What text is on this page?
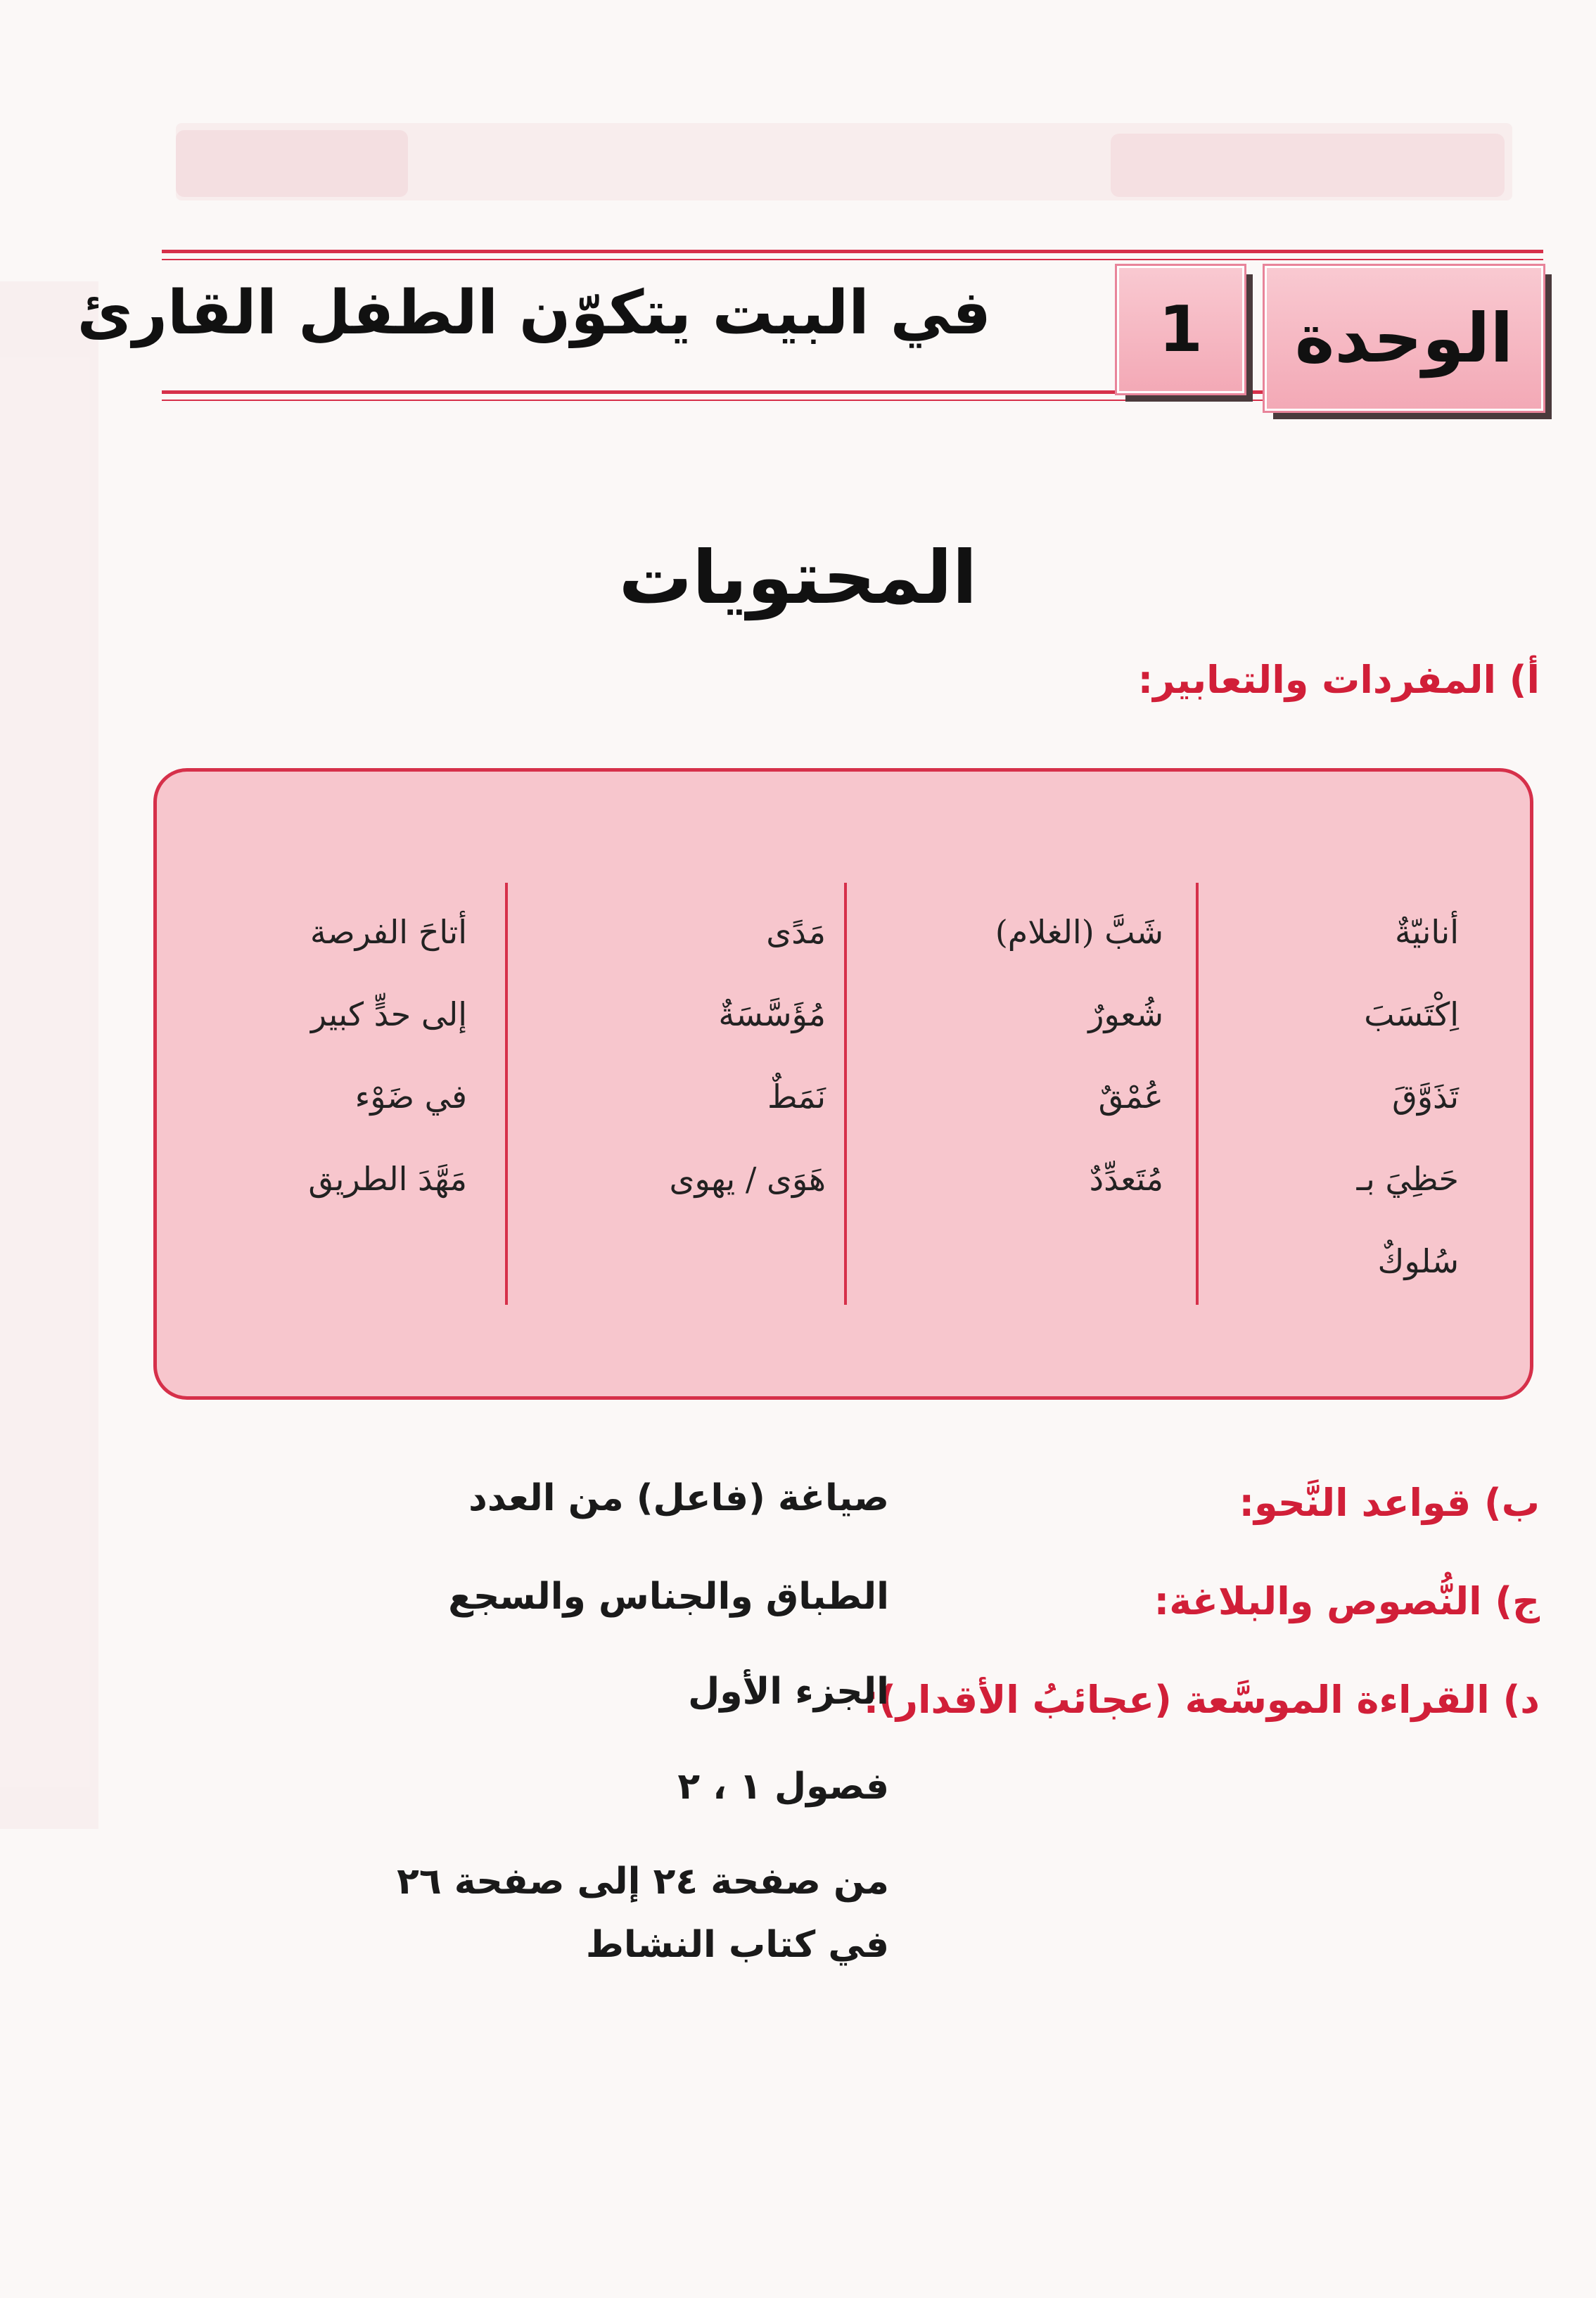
الوحدة
1
في البيت يتكوّن الطفل القارئ
المحتويات
أ) المفردات والتعابير:
أنانيّةٌ
اِكْتَسَبَ
تَذَوَّقَ
حَظِيَ بـ
سُلوكٌ
شَبَّ (الغلام)
شُعورٌ
عُمْقٌ
مُتَعدِّدٌ
مَدًى
مُؤَسَّسَةٌ
نَمَطٌ
هَوَى / يهوى
أتاحَ الفرصة
إلى حدٍّ كبير
في ضَوْء
مَهَّدَ الطريق
ب) قواعد النَّحو:
صياغة (فاعل) من العدد
ج) النُّصوص والبلاغة:
الطباق والجناس والسجع
د) القراءة الموسَّعة (عجائبُ الأقدار):
الجزء الأول
فصول ١ ، ٢
من صفحة ٢٤ إلى صفحة ٢٦
في كتاب النشاط
